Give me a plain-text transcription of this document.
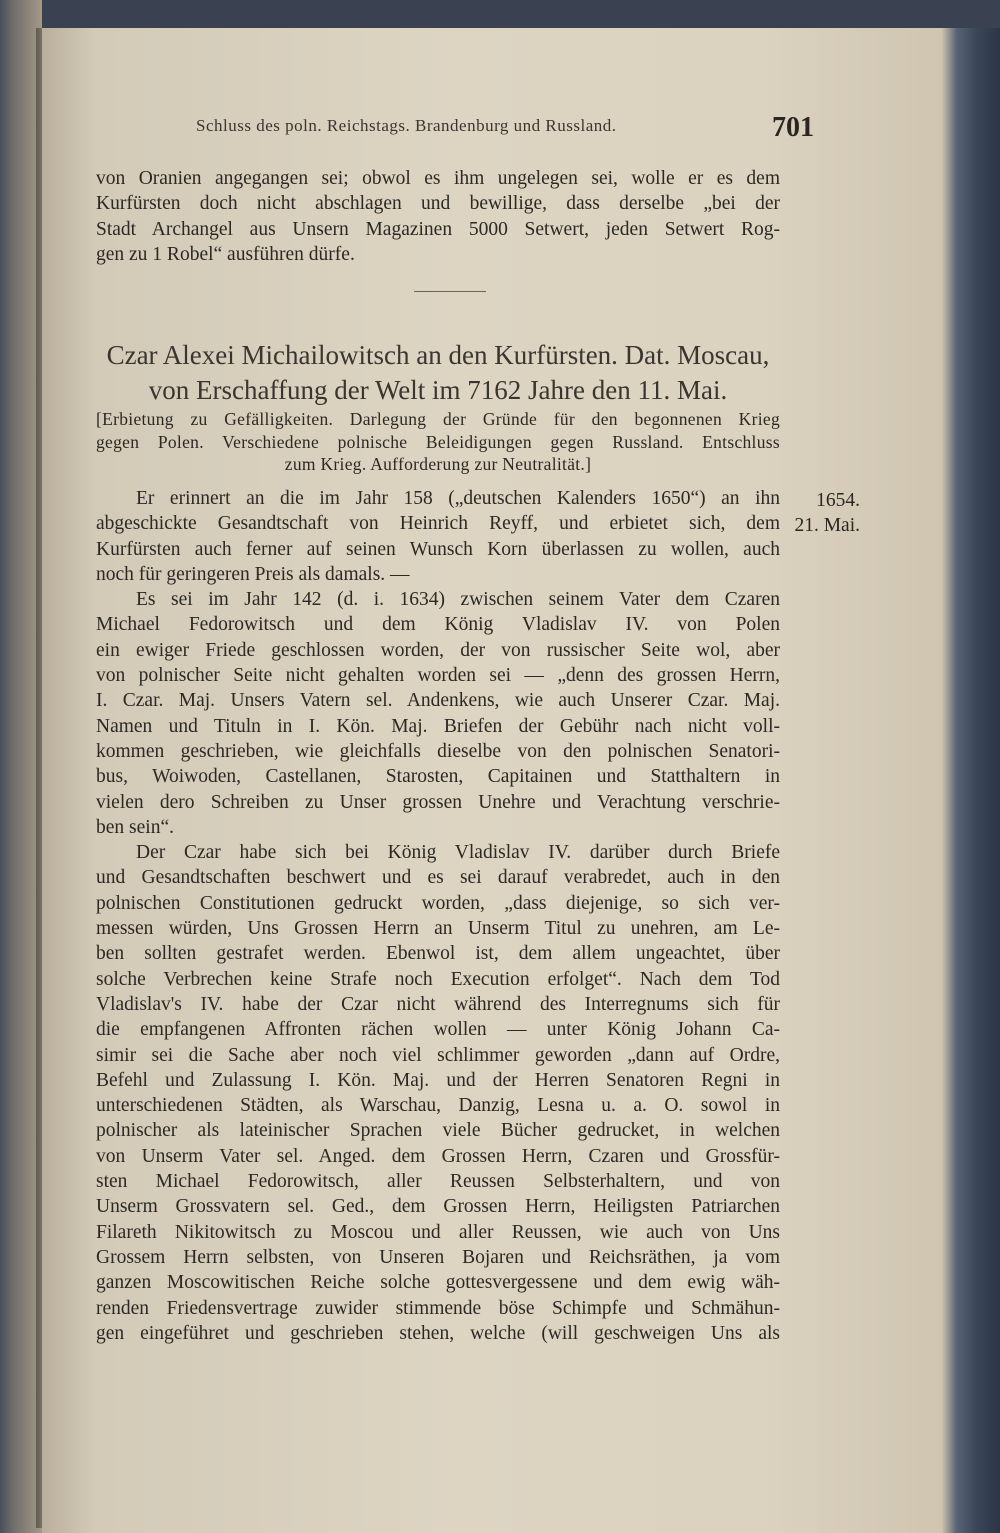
Schluss des poln. Reichstags. Brandenburg und Russland.	701
von Oranien angegangen sei; obwol es ihm ungelegen sei, wolle er es dem
Kurfürsten doch nicht abschlagen und bewillige, dass derselbe „bei der
Stadt Archangel aus Unsern Magazinen 5000 Setwert, jeden Setwert Rog-
gen zu 1 Robel“ ausführen dürfe.
Czar Alexei Michailowitsch an den Kurfürsten. Dat. Moscau,
von Erschaffung der Welt im 7162 Jahre den 11. Mai.
[Erbietung zu Gefälligkeiten. Darlegung der Gründe für den begonnenen Krieg
gegen Polen. Verschiedene polnische Beleidigungen gegen Russland. Entschluss
zum Krieg. Aufforderung zur Neutralität.]
1654.
21. Mai.
Er erinnert an die im Jahr 158 („deutschen Kalenders 1650“) an ihn
abgeschickte Gesandtschaft von Heinrich Reyff, und erbietet sich, dem
Kurfürsten auch ferner auf seinen Wunsch Korn überlassen zu wollen, auch
noch für geringeren Preis als damals. —
Es sei im Jahr 142 (d. i. 1634) zwischen seinem Vater dem Czaren
Michael Fedorowitsch und dem König Vladislav IV. von Polen
ein ewiger Friede geschlossen worden, der von russischer Seite wol, aber
von polnischer Seite nicht gehalten worden sei — „denn des grossen Herrn,
I. Czar. Maj. Unsers Vatern sel. Andenkens, wie auch Unserer Czar. Maj.
Namen und Tituln in I. Kön. Maj. Briefen der Gebühr nach nicht voll-
kommen geschrieben, wie gleichfalls dieselbe von den polnischen Senatori-
bus, Woiwoden, Castellanen, Starosten, Capitainen und Statthaltern in
vielen dero Schreiben zu Unser grossen Unehre und Verachtung verschrie-
ben sein“.
Der Czar habe sich bei König Vladislav IV. darüber durch Briefe
und Gesandtschaften beschwert und es sei darauf verabredet, auch in den
polnischen Constitutionen gedruckt worden, „dass diejenige, so sich ver-
messen würden, Uns Grossen Herrn an Unserm Titul zu unehren, am Le-
ben sollten gestrafet werden. Ebenwol ist, dem allem ungeachtet, über
solche Verbrechen keine Strafe noch Execution erfolget“. Nach dem Tod
Vladislav's IV. habe der Czar nicht während des Interregnums sich für
die empfangenen Affronten rächen wollen — unter König Johann Ca-
simir sei die Sache aber noch viel schlimmer geworden „dann auf Ordre,
Befehl und Zulassung I. Kön. Maj. und der Herren Senatoren Regni in
unterschiedenen Städten, als Warschau, Danzig, Lesna u. a. O. sowol in
polnischer als lateinischer Sprachen viele Bücher gedrucket, in welchen
von Unserm Vater sel. Anged. dem Grossen Herrn, Czaren und Grossfür-
sten Michael Fedorowitsch, aller Reussen Selbsterhaltern, und von
Unserm Grossvatern sel. Ged., dem Grossen Herrn, Heiligsten Patriarchen
Filareth Nikitowitsch zu Moscou und aller Reussen, wie auch von Uns
Grossem Herrn selbsten, von Unseren Bojaren und Reichsräthen, ja vom
ganzen Moscowitischen Reiche solche gottesvergessene und dem ewig wäh-
renden Friedensvertrage zuwider stimmende böse Schimpfe und Schmähun-
gen eingeführet und geschrieben stehen, welche (will geschweigen Uns als
